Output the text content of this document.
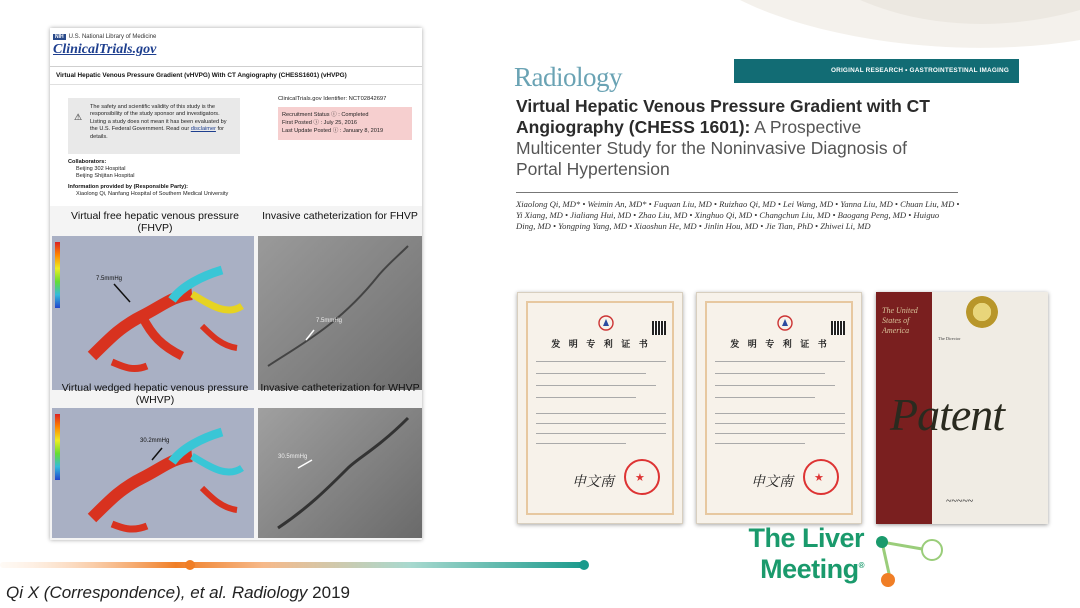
NIH U.S. National Library of Medicine
ClinicalTrials.gov
Virtual Hepatic Venous Pressure Gradient (vHVPG) With CT Angiography (CHESS1601) (vHVPG)
⚠
The safety and scientific validity of this study is the responsibility of the study sponsor and investigators. Listing a study does not mean it has been evaluated by the U.S. Federal Government. Read our disclaimer for details.
ClinicalTrials.gov Identifier: NCT02842697
Recruitment Status ⓘ : Completed
First Posted ⓘ : July 25, 2016
Last Update Posted ⓘ : January 8, 2019
Collaborators:
Beijing 302 Hospital
Beijing Shijitan Hospital
Information provided by (Responsible Party):
Xiaolong Qi, Nanfang Hospital of Southern Medical University
Virtual free hepatic venous pressure (FHVP)
Invasive catheterization for FHVP
7.5mmHg
7.5mmHg
Virtual wedged hepatic venous pressure (WHVP)
Invasive catheterization for WHVP
30.2mmHg
30.5mmHg
Radiology	ORIGINAL RESEARCH • GASTROINTESTINAL IMAGING
Virtual Hepatic Venous Pressure Gradient with CT Angiography (CHESS 1601): A Prospective Multicenter Study for the Noninvasive Diagnosis of Portal Hypertension
Xiaolong Qi, MD* • Weimin An, MD* • Fuquan Liu, MD • Ruizhao Qi, MD • Lei Wang, MD • Yanna Liu, MD • Chuan Liu, MD • Yi Xiang, MD • Jialiang Hui, MD • Zhao Liu, MD • Xinghuo Qi, MD • Changchun Liu, MD • Baogang Peng, MD • Huiguo Ding, MD • Yongping Yang, MD • Xiaoshun He, MD • Jinlin Hou, MD • Jie Tian, PhD • Zhiwei Li, MD
发 明 专 利 证 书
申文南 ★
发 明 专 利 证 书
申文南 ★
The United States of America
The Director
Patent
~~~~~
The Liver
Meeting®
Qi X (Correspondence), et al. Radiology 2019
